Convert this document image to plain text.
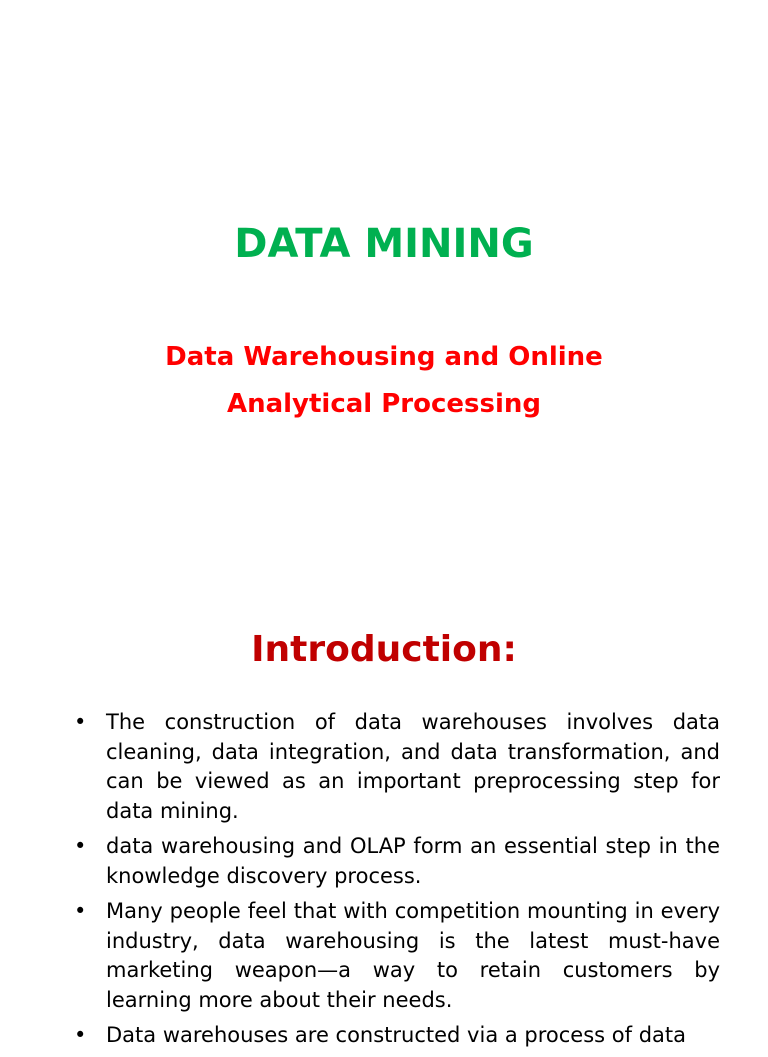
DATA MINING
Data Warehousing and Online
Analytical Processing
Introduction:
• The construction of data warehouses involves data cleaning, data integration, and data transformation, and can be viewed as an important preprocessing step for data mining.
• data warehousing and OLAP form an essential step in the knowledge discovery process.
• Many people feel that with competition mounting in every industry, data warehousing is the latest must-have marketing weapon—a way to retain customers by learning more about their needs.
• Data warehouses are constructed via a process of data
